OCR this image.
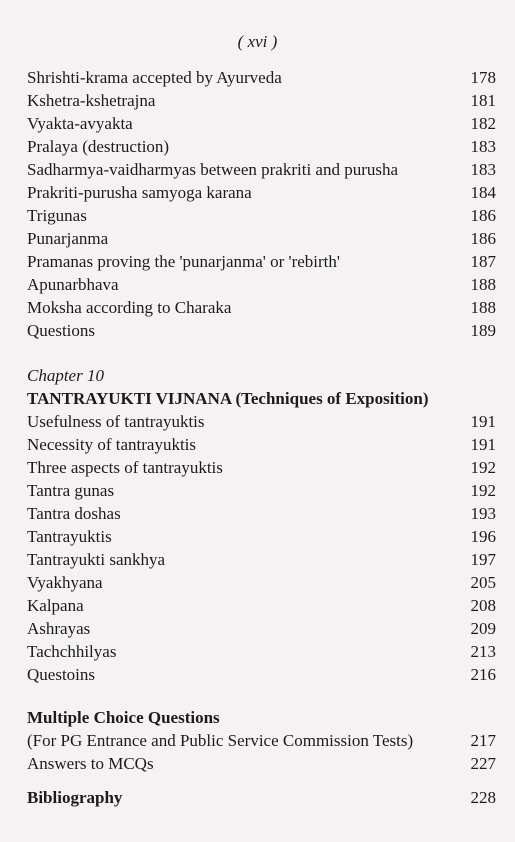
( xvi )
Shrishti-krama accepted by Ayurveda	178
Kshetra-kshetrajna	181
Vyakta-avyakta	182
Pralaya (destruction)	183
Sadharmya-vaidharmyas between prakriti and purusha	183
Prakriti-purusha samyoga karana	184
Trigunas	186
Punarjanma	186
Pramanas proving the 'punarjanma' or 'rebirth'	187
Apunarbhava	188
Moksha according to Charaka	188
Questions	189
Chapter 10
TANTRAYUKTI VIJNANA (Techniques of Exposition)
Usefulness of tantrayuktis	191
Necessity of tantrayuktis	191
Three aspects of tantrayuktis	192
Tantra gunas	192
Tantra doshas	193
Tantrayuktis	196
Tantrayukti sankhya	197
Vyakhyana	205
Kalpana	208
Ashrayas	209
Tachchhilyas	213
Questoins	216
Multiple Choice Questions
(For PG Entrance and Public Service Commission Tests)	217
Answers to MCQs	227
Bibliography	228
